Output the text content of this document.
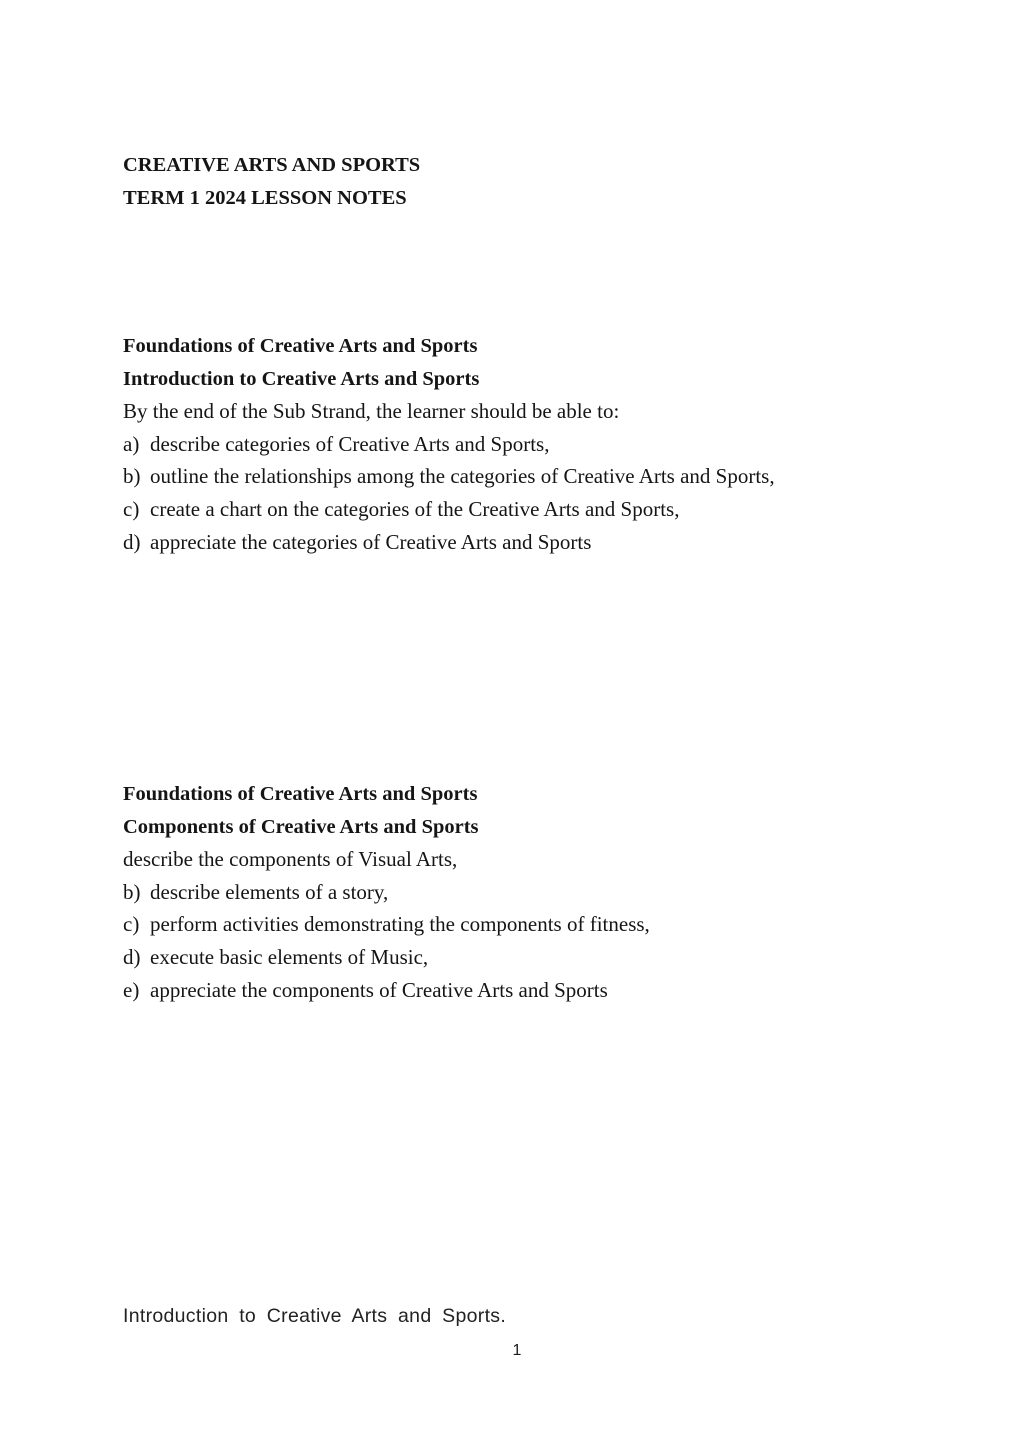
CREATIVE ARTS AND SPORTS
TERM 1 2024 LESSON NOTES
Foundations of Creative Arts and Sports
Introduction to Creative Arts and Sports
By the end of the Sub Strand, the learner should be able to:
a) describe categories of Creative Arts and Sports,
b) outline the relationships among the categories of Creative Arts and Sports,
c) create a chart on the categories of the Creative Arts and Sports,
d) appreciate the categories of Creative Arts and Sports
Foundations of Creative Arts and Sports
Components of Creative Arts and Sports
describe the components of Visual Arts,
b) describe elements of a story,
c) perform activities demonstrating the components of fitness,
d) execute basic elements of Music,
e) appreciate the components of Creative Arts and Sports
Introduction to Creative Arts and Sports.
1
